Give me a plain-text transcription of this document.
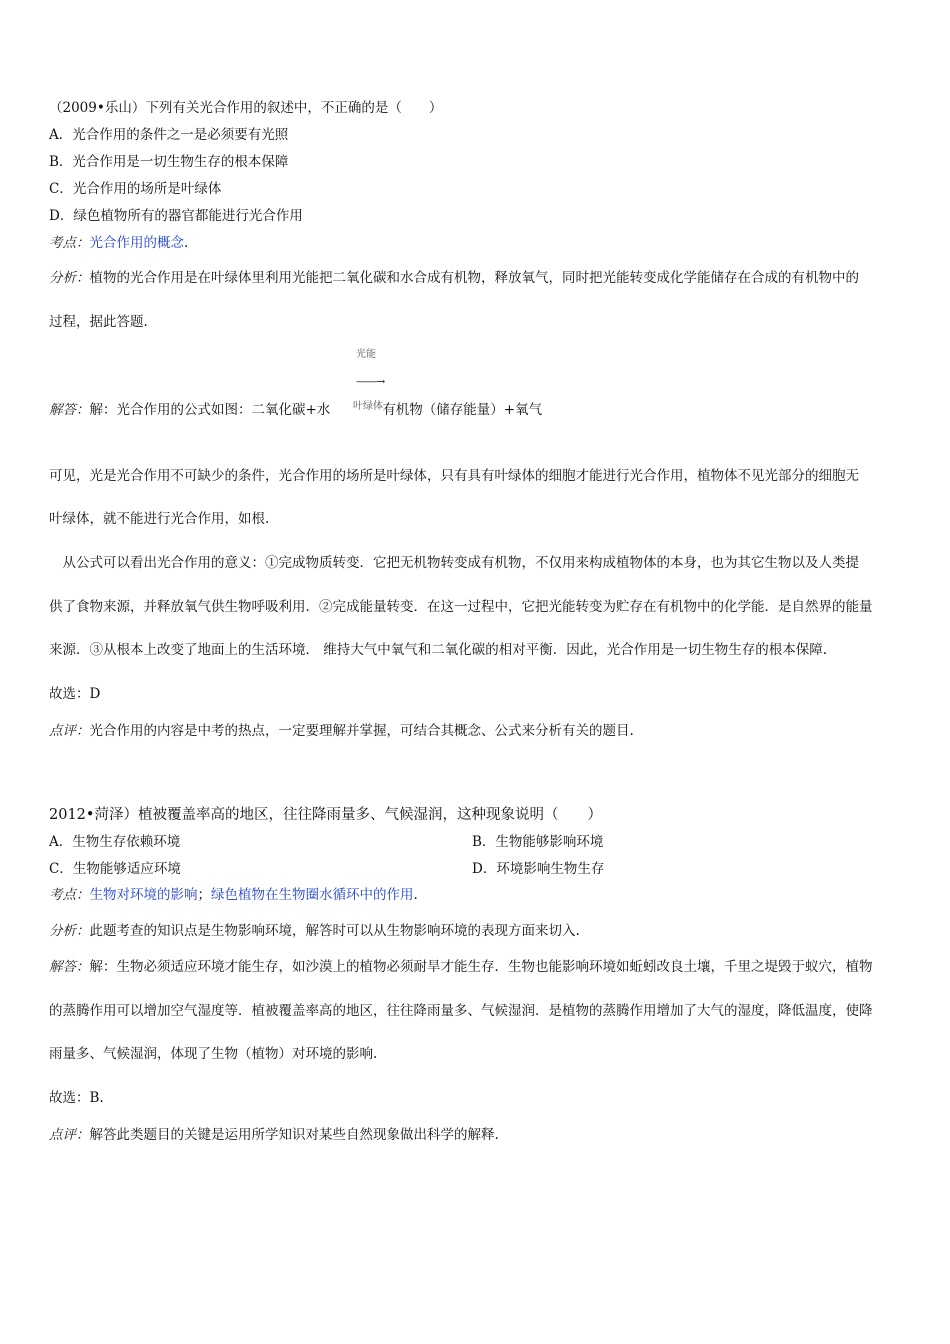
（2009•乐山）下列有关光合作用的叙述中，不正确的是（　　）
A．光合作用的条件之一是必须要有光照
B．光合作用是一切生物生存的根本保障
C．光合作用的场所是叶绿体
D．绿色植物所有的器官都能进行光合作用
考点：光合作用的概念.
分析：植物的光合作用是在叶绿体里利用光能把二氧化碳和水合成有机物，释放氧气，同时把光能转变成化学能储存在合成的有机物中的
过程，据此答题.
光能
——→
叶绿体
解答：解：光合作用的公式如图：二氧化碳+水	有机物（储存能量）+氧气
可见，光是光合作用不可缺少的条件，光合作用的场所是叶绿体，只有具有叶绿体的细胞才能进行光合作用，植物体不见光部分的细胞无
叶绿体，就不能进行光合作用，如根.
　从公式可以看出光合作用的意义：①完成物质转变．它把无机物转变成有机物，不仅用来构成植物体的本身，也为其它生物以及人类提
供了食物来源，并释放氧气供生物呼吸利用．②完成能量转变．在这一过程中，它把光能转变为贮存在有机物中的化学能．是自然界的能量
来源．③从根本上改变了地面上的生活环境． 维持大气中氧气和二氧化碳的相对平衡．因此，光合作用是一切生物生存的根本保障.
故选：D
点评：光合作用的内容是中考的热点，一定要理解并掌握，可结合其概念、公式来分析有关的题目.
2012•菏泽）植被覆盖率高的地区，往往降雨量多、气候湿润，这种现象说明（　　）
A．生物生存依赖环境	B．生物能够影响环境
C．生物能够适应环境	D．环境影响生物生存
考点：生物对环境的影响；绿色植物在生物圈水循环中的作用.
分析：此题考查的知识点是生物影响环境，解答时可以从生物影响环境的表现方面来切入.
解答：解：生物必须适应环境才能生存，如沙漠上的植物必须耐旱才能生存．生物也能影响环境如蚯蚓改良土壤，千里之堤毁于蚁穴，植物
的蒸腾作用可以增加空气湿度等．植被覆盖率高的地区，往往降雨量多、气候湿润．是植物的蒸腾作用增加了大气的湿度，降低温度，使降
雨量多、气候湿润，体现了生物（植物）对环境的影响.
故选：B.
点评：解答此类题目的关键是运用所学知识对某些自然现象做出科学的解释.
